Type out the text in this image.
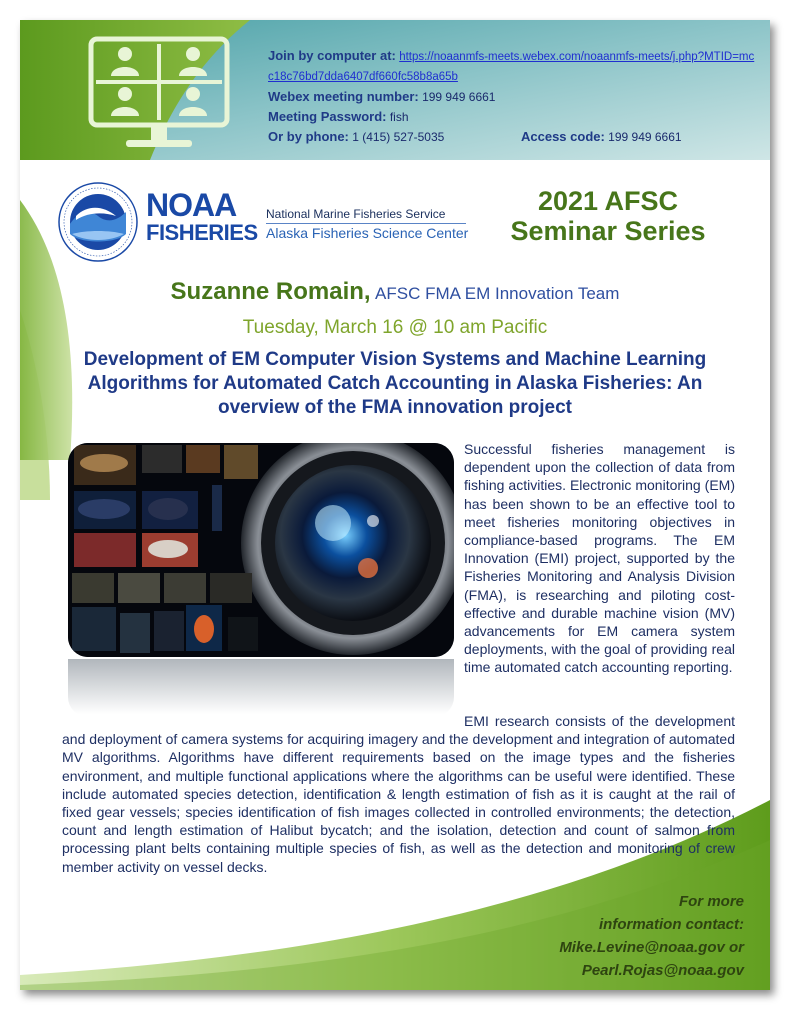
Join by computer at: https://noaanmfs-meets.webex.com/noaanmfs-meets/j.php?MTID=mcc18c76bd7dda6407df660fc58b8a65b
Webex meeting number: 199 949 6661
Meeting Password: fish
Or by phone: 1 (415) 527-5035	Access code: 199 949 6661
NOAA
FISHERIES
National Marine Fisheries Service
Alaska Fisheries Science Center
2021 AFSC
Seminar Series
Suzanne Romain, AFSC FMA EM Innovation Team
Tuesday, March 16 @ 10 am Pacific
Development of EM Computer Vision Systems and Machine Learning Algorithms for Automated Catch Accounting in Alaska Fisheries: An overview of the FMA innovation project
Successful fisheries management is dependent upon the collection of data from fishing activities. Electronic monitoring (EM) has been shown to be an effective tool to meet fisheries monitoring objectives in compliance-based programs. The EM Innovation (EMI) project, supported by the Fisheries Monitoring and Analysis Division (FMA), is researching and piloting cost-effective and durable machine vision (MV) advancements for EM camera system deployments, with the goal of providing real time automated catch accounting reporting.
EMI research consists of the development and deployment of camera systems for acquiring imagery and the development and integration of automated MV algorithms. Algorithms have different requirements based on the image types and the fisheries environment, and multiple functional applications where the algorithms can be useful were identified. These include automated species detection, identification & length estimation of fish as it is caught at the rail of fixed gear vessels; species identification of fish images collected in controlled environments; the detection, count and length estimation of Halibut bycatch; and the isolation, detection and count of salmon from processing plant belts containing multiple species of fish, as well as the detection and monitoring of crew member activity on vessel decks.
For more
information contact:
Mike.Levine@noaa.gov or
Pearl.Rojas@noaa.gov
